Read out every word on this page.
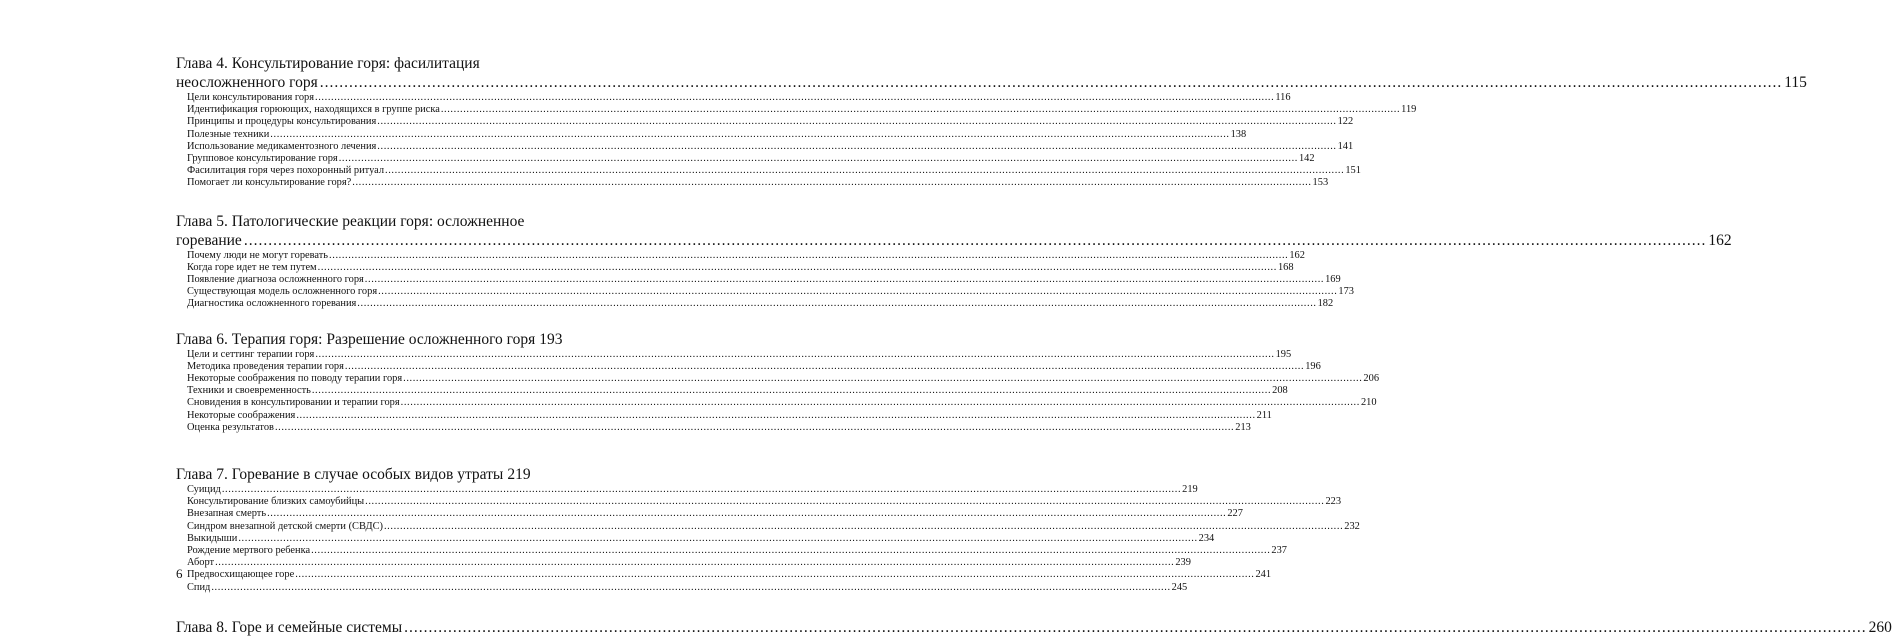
Глава 4. Консультирование горя: фасилитация
неосложненного горя ............................................................................................................................................................................................................................................................................................................ 115
Цели консультирования горя ............................................................................................................................................................................................................................................................................................................ 116
Идентификация горюющих, находящихся в группе риска ............................................................................................................................................................................................................................................................................................................ 119
Принципы и процедуры консультирования ............................................................................................................................................................................................................................................................................................................ 122
Полезные техники ............................................................................................................................................................................................................................................................................................................ 138
Использование медикаментозного лечения ............................................................................................................................................................................................................................................................................................................ 141
Групповое консультирование горя ............................................................................................................................................................................................................................................................................................................ 142
Фасилитация горя через похоронный ритуал ............................................................................................................................................................................................................................................................................................................ 151
Помогает ли консультирование горя? ............................................................................................................................................................................................................................................................................................................ 153
Глава 5. Патологические реакции горя: осложненное
горевание ............................................................................................................................................................................................................................................................................................................ 162
Почему люди не могут горевать ............................................................................................................................................................................................................................................................................................................ 162
Когда горе идет не тем путем ............................................................................................................................................................................................................................................................................................................ 168
Появление диагноза осложненного горя ............................................................................................................................................................................................................................................................................................................ 169
Существующая модель осложненного горя ............................................................................................................................................................................................................................................................................................................ 173
Диагностика осложненного горевания ............................................................................................................................................................................................................................................................................................................ 182
Глава 6. Терапия горя: Разрешение осложненного горя 193
Цели и сеттинг терапии горя ............................................................................................................................................................................................................................................................................................................ 195
Методика проведения терапии горя ............................................................................................................................................................................................................................................................................................................ 196
Некоторые соображения по поводу терапии горя ............................................................................................................................................................................................................................................................................................................ 206
Техники и своевременность ............................................................................................................................................................................................................................................................................................................ 208
Сновидения в консультировании и терапии горя ............................................................................................................................................................................................................................................................................................................ 210
Некоторые соображения ............................................................................................................................................................................................................................................................................................................ 211
Оценка результатов ............................................................................................................................................................................................................................................................................................................ 213
Глава 7. Горевание в случае особых видов утраты 219
Суицид ............................................................................................................................................................................................................................................................................................................ 219
Консультирование близких самоубийцы ............................................................................................................................................................................................................................................................................................................ 223
Внезапная смерть ............................................................................................................................................................................................................................................................................................................ 227
Синдром внезапной детской смерти (СВДС) ............................................................................................................................................................................................................................................................................................................ 232
Выкидыши ............................................................................................................................................................................................................................................................................................................ 234
Рождение мертвого ребенка ............................................................................................................................................................................................................................................................................................................ 237
Аборт ............................................................................................................................................................................................................................................................................................................ 239
Предвосхищающее горе ............................................................................................................................................................................................................................................................................................................ 241
Спид ............................................................................................................................................................................................................................................................................................................ 245
Глава 8. Горе и семейные системы ............................................................................................................................................................................................................................................................................................................ 260
6
